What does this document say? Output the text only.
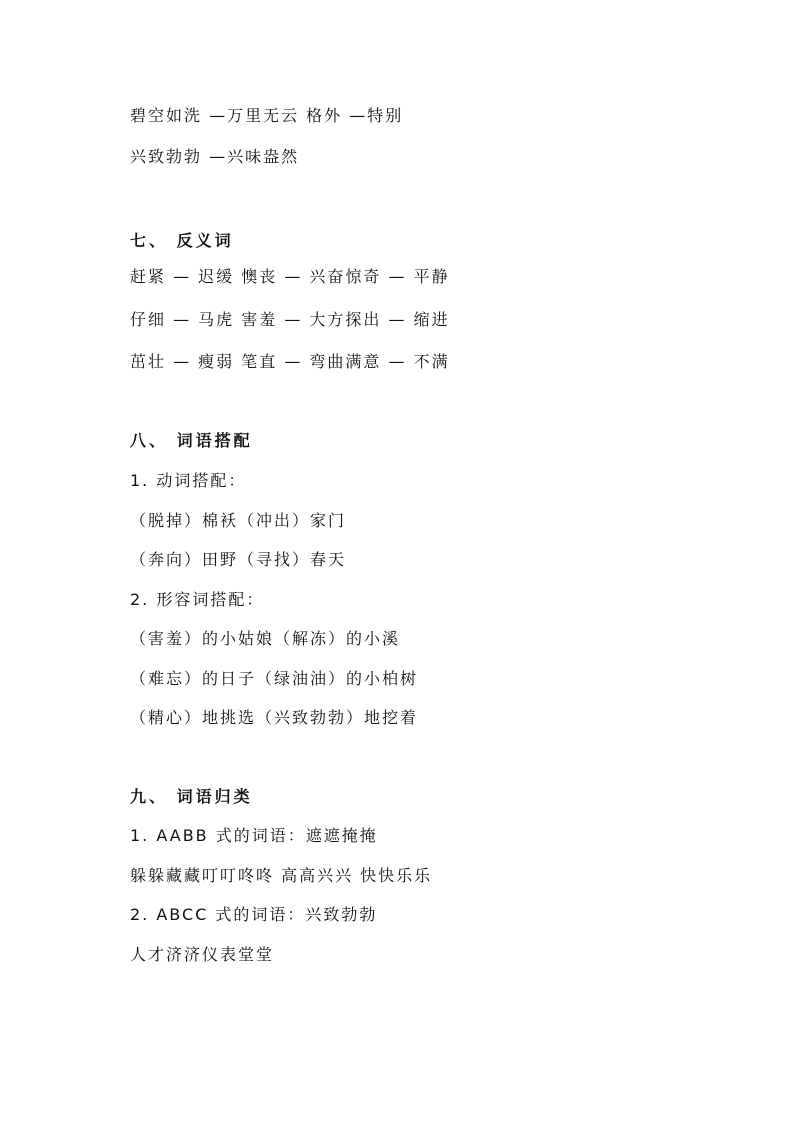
碧空如洗 —万里无云 格外 —特别
兴致勃勃 —兴味盎然
七、 反义词
赶紧 — 迟缓 懊丧 — 兴奋惊奇 — 平静
仔细 — 马虎 害羞 — 大方探出 — 缩进
茁壮 — 瘦弱 笔直 — 弯曲满意 — 不满
八、 词语搭配
1. 动词搭配：
（脱掉）棉袄（冲出）家门
（奔向）田野（寻找）春天
2. 形容词搭配：
（害羞）的小姑娘（解冻）的小溪
（难忘）的日子（绿油油）的小柏树
（精心）地挑选（兴致勃勃）地挖着
九、 词语归类
1. AABB 式的词语：遮遮掩掩
躲躲藏藏叮叮咚咚 高高兴兴 快快乐乐
2. ABCC 式的词语：兴致勃勃
人才济济仪表堂堂
